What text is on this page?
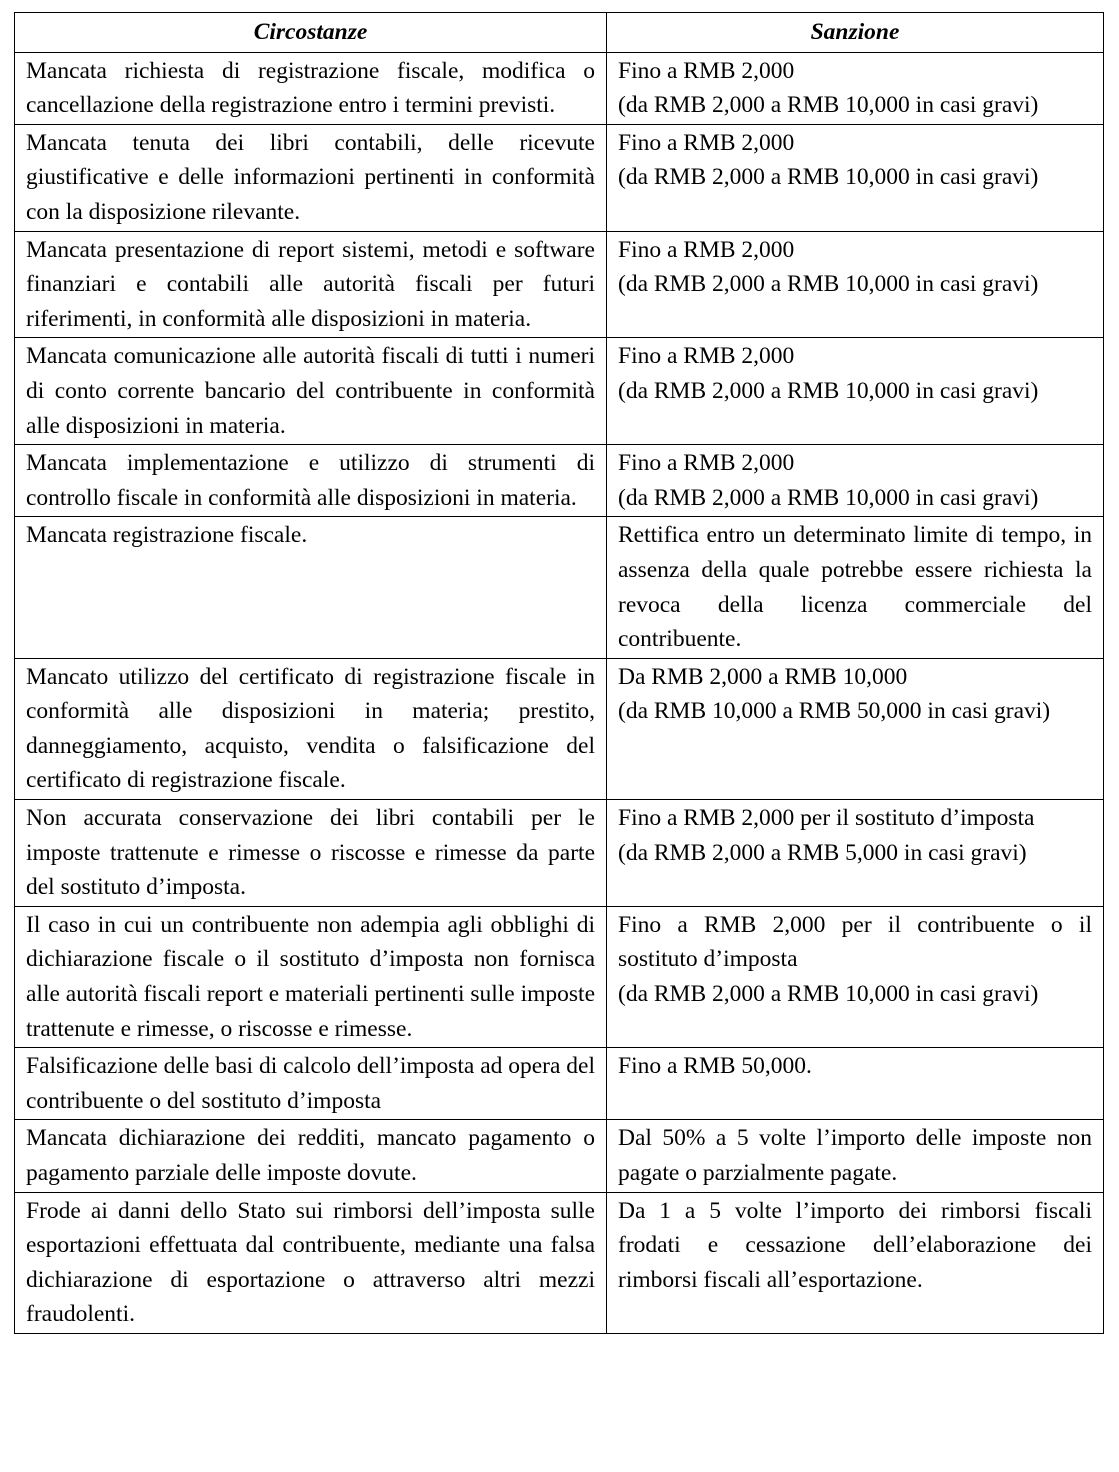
Circostanze	Sanzione
Mancata richiesta di registrazione fiscale, modifica o cancellazione della registrazione entro i termini previsti.	Fino a RMB 2,000
(da RMB 2,000 a RMB 10,000 in casi gravi)

Mancata tenuta dei libri contabili, delle ricevute giustificative e delle informazioni pertinenti in conformità con la disposizione rilevante.	Fino a RMB 2,000
(da RMB 2,000 a RMB 10,000 in casi gravi)

Mancata presentazione di report sistemi, metodi e software finanziari e contabili alle autorità fiscali per futuri riferimenti, in conformità alle disposizioni in materia.	Fino a RMB 2,000
(da RMB 2,000 a RMB 10,000 in casi gravi)

Mancata comunicazione alle autorità fiscali di tutti i numeri di conto corrente bancario del contribuente in conformità alle disposizioni in materia.	Fino a RMB 2,000
(da RMB 2,000 a RMB 10,000 in casi gravi)

Mancata implementazione e utilizzo di strumenti di controllo fiscale in conformità alle disposizioni in materia.	Fino a RMB 2,000
(da RMB 2,000 a RMB 10,000 in casi gravi)

Mancata registrazione fiscale.	Rettifica entro un determinato limite di tempo, in assenza della quale potrebbe essere richiesta la revoca della licenza commerciale del contribuente.
Mancato utilizzo del certificato di registrazione fiscale in conformità alle disposizioni in materia; prestito, danneggiamento, acquisto, vendita o falsificazione del certificato di registrazione fiscale.	Da RMB 2,000 a RMB 10,000
(da RMB 10,000 a RMB 50,000 in casi gravi)

Non accurata conservazione dei libri contabili per le imposte trattenute e rimesse o riscosse e rimesse da parte del sostituto d’imposta.	Fino a RMB 2,000 per il sostituto d’imposta
(da RMB 2,000 a RMB 5,000 in casi gravi)

Il caso in cui un contribuente non adempia agli obblighi di dichiarazione fiscale o il sostituto d’imposta non fornisca alle autorità fiscali report e materiali pertinenti sulle imposte trattenute e rimesse, o riscosse e rimesse.	Fino a RMB 2,000 per il contribuente o il sostituto d’imposta
(da RMB 2,000 a RMB 10,000 in casi gravi)

Falsificazione delle basi di calcolo dell’imposta ad opera del contribuente o del sostituto d’imposta	Fino a RMB 50,000.
Mancata dichiarazione dei redditi, mancato pagamento o pagamento parziale delle imposte dovute.	Dal 50% a 5 volte l’importo delle imposte non pagate o parzialmente pagate.
Frode ai danni dello Stato sui rimborsi dell’imposta sulle esportazioni effettuata dal contribuente, mediante una falsa dichiarazione di esportazione o attraverso altri mezzi fraudolenti.	Da 1 a 5 volte l’importo dei rimborsi fiscali frodati e cessazione dell’elaborazione dei rimborsi fiscali all’esportazione.
